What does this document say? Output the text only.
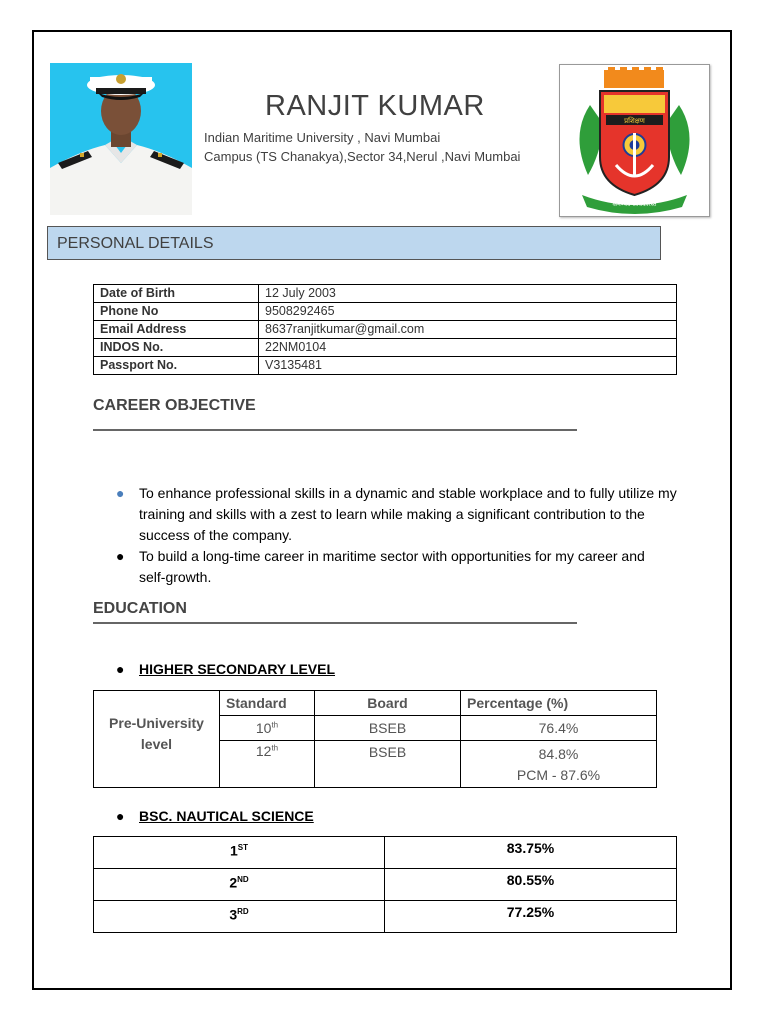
RANJIT KUMAR
Indian Maritime University , Navi Mumbai
Campus (TS Chanakya),Sector 34,Nerul ,Navi Mumbai
प्रशिक्षण
कर्मण्येव अधिकारस्ते
PERSONAL DETAILS
Date of Birth	12 July 2003
Phone No	9508292465
Email Address	8637ranjitkumar@gmail.com
INDOS No.	22NM0104
Passport No.	V3135481
CAREER OBJECTIVE
● To enhance professional skills in a dynamic and stable workplace and to fully utilize my training and skills with a zest to learn while making a significant contribution to the success of the company.
● To build a long-time career in maritime sector with opportunities for my career and self-growth.
EDUCATION
● HIGHER SECONDARY LEVEL
Pre-University level	Standard	Board	Percentage (%)
	10th	BSEB	76.4%
	12th	BSEB	84.8%
PCM - 87.6%
● BSC. NAUTICAL SCIENCE
1ST	83.75%
2ND	80.55%
3RD	77.25%
